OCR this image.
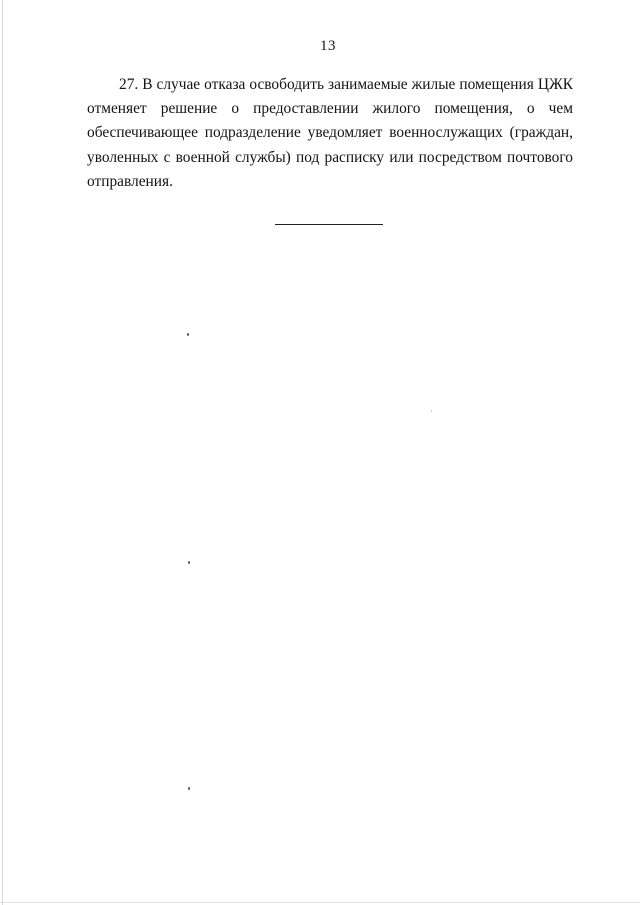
13

27. В случае отказа освободить занимаемые жилые помещения ЦЖК отменяет решение о предоставлении жилого помещения, о чем обеспечивающее подразделение уведомляет военнослужащих (граждан, уволенных с военной службы) под расписку или посредством почтового отправления.
